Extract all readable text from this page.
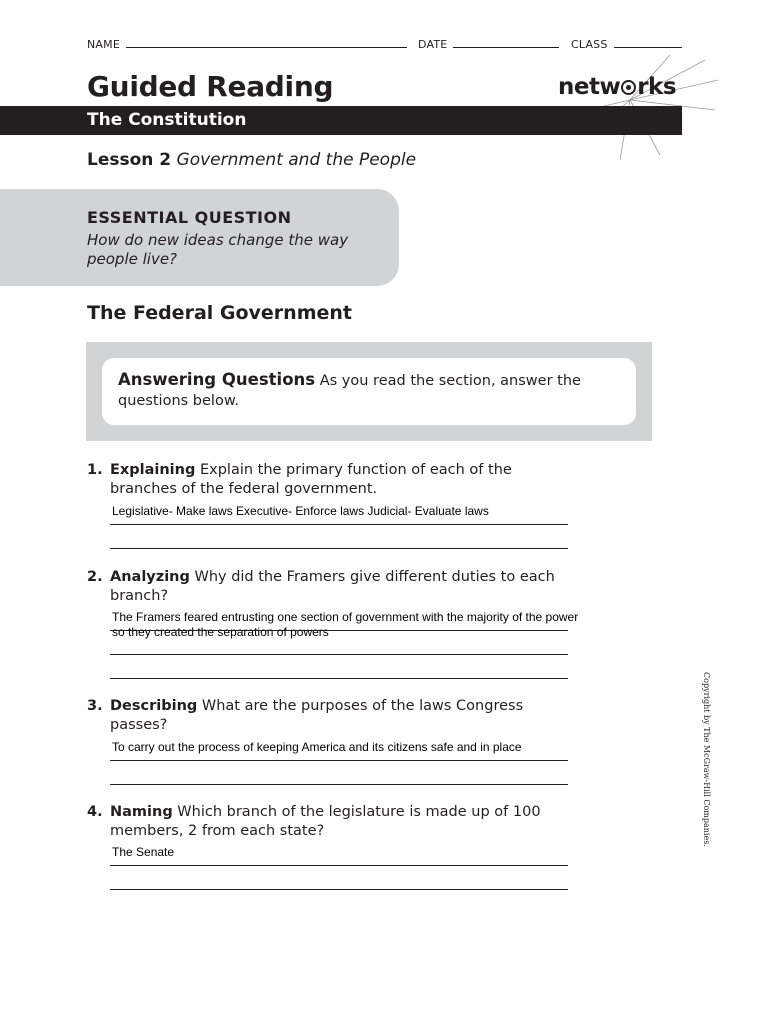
NAME	DATE	CLASS
Guided Reading	netw rks
The Constitution
Lesson 2 Government and the People
ESSENTIAL QUESTION
How do new ideas change the way people live?
The Federal Government
Answering Questions As you read the section, answer the questions below.
1. Explaining Explain the primary function of each of the branches of the federal government.
Legislative- Make laws Executive- Enforce laws Judicial- Evaluate laws
2. Analyzing Why did the Framers give different duties to each branch?
The Framers feared entrusting one section of government with the majority of the power so they created the separation of powers
3. Describing What are the purposes of the laws Congress passes?
To carry out the process of keeping America and its citizens safe and in place
4. Naming Which branch of the legislature is made up of 100 members, 2 from each state?
The Senate
Copyright by The McGraw-Hill Companies.
